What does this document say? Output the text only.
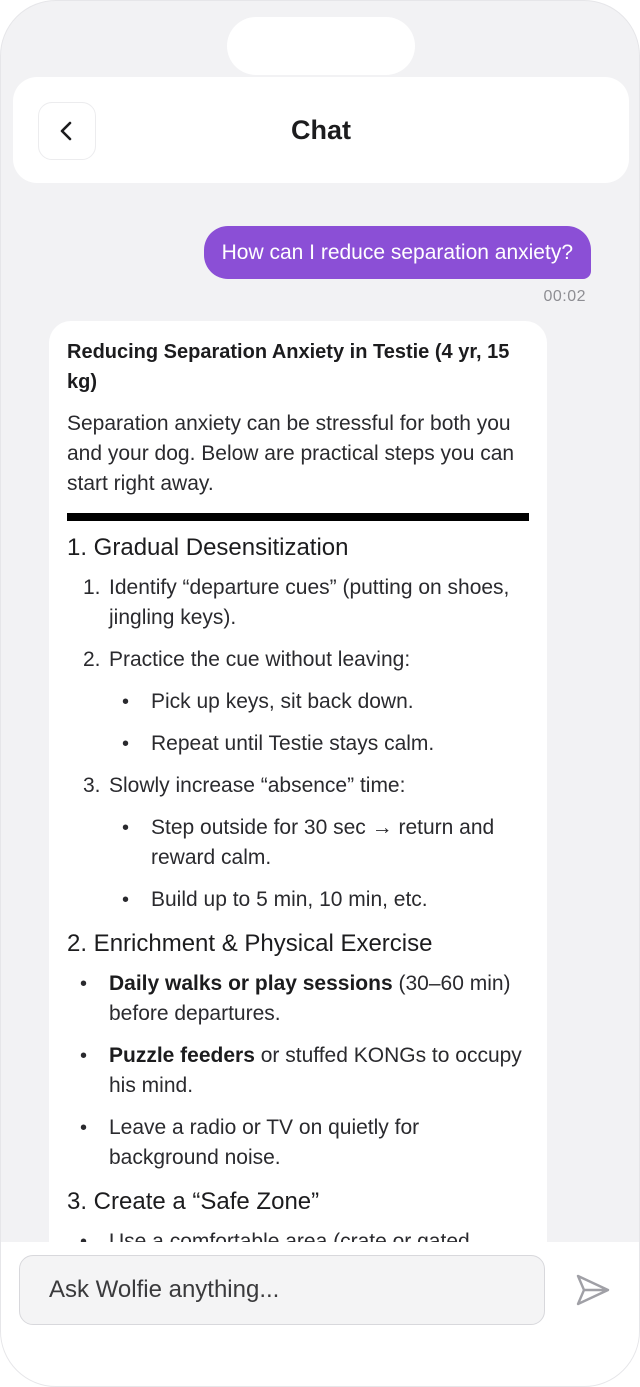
Chat
How can I reduce separation anxiety?
00:02
Reducing Separation Anxiety in Testie (4 yr, 15 kg)
Separation anxiety can be stressful for both you and your dog. Below are practical steps you can start right away.
1. Gradual Desensitization
1. Identify “departure cues” (putting on shoes, jingling keys).
2. Practice the cue without leaving:
• Pick up keys, sit back down.
• Repeat until Testie stays calm.
3. Slowly increase “absence” time:
• Step outside for 30 sec → return and reward calm.
• Build up to 5 min, 10 min, etc.
2. Enrichment & Physical Exercise
• Daily walks or play sessions (30–60 min) before departures.
• Puzzle feeders or stuffed KONGs to occupy his mind.
• Leave a radio or TV on quietly for background noise.
3. Create a “Safe Zone”
•
Ask Wolfie anything...
